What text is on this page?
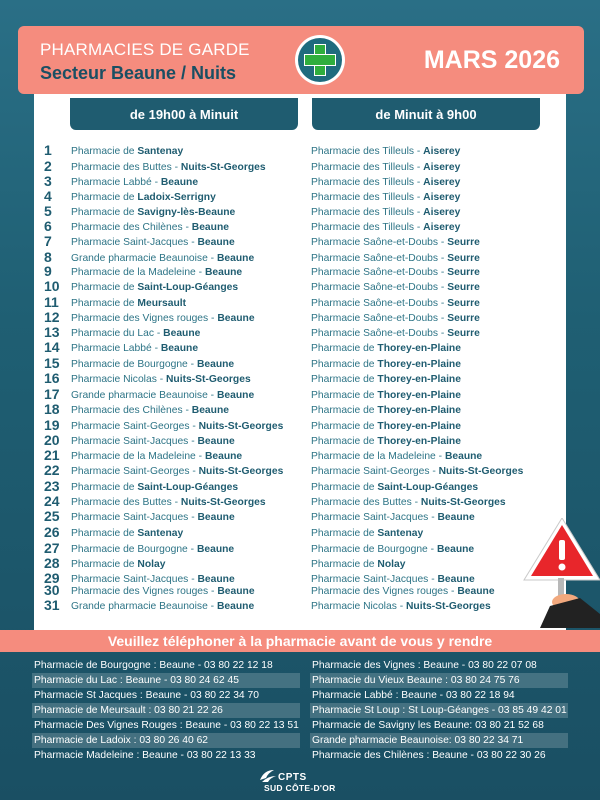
PHARMACIES DE GARDE
Secteur Beaune / Nuits	MARS 2026
de 19h00 à Minuit	de Minuit à 9h00
1	Pharmacie de Santenay	Pharmacie des Tilleuls - Aiserey
2	Pharmacie des Buttes - Nuits-St-Georges	Pharmacie des Tilleuls - Aiserey
3	Pharmacie Labbé - Beaune	Pharmacie des Tilleuls - Aiserey
4	Pharmacie de Ladoix-Serrigny	Pharmacie des Tilleuls - Aiserey
5	Pharmacie de Savigny-lès-Beaune	Pharmacie des Tilleuls - Aiserey
6	Pharmacie des Chilènes - Beaune	Pharmacie des Tilleuls - Aiserey
7	Pharmacie Saint-Jacques - Beaune	Pharmacie Saône-et-Doubs - Seurre
8	Grande pharmacie Beaunoise - Beaune	Pharmacie Saône-et-Doubs - Seurre
9	Pharmacie de la Madeleine - Beaune	Pharmacie Saône-et-Doubs - Seurre
10	Pharmacie de Saint-Loup-Géanges	Pharmacie Saône-et-Doubs - Seurre
11	Pharmacie de Meursault	Pharmacie Saône-et-Doubs - Seurre
12	Pharmacie des Vignes rouges - Beaune	Pharmacie Saône-et-Doubs - Seurre
13	Pharmacie du Lac - Beaune	Pharmacie Saône-et-Doubs - Seurre
14	Pharmacie Labbé - Beaune	Pharmacie de Thorey-en-Plaine
15	Pharmacie de Bourgogne - Beaune	Pharmacie de Thorey-en-Plaine
16	Pharmacie Nicolas - Nuits-St-Georges	Pharmacie de Thorey-en-Plaine
17	Grande pharmacie Beaunoise - Beaune	Pharmacie de Thorey-en-Plaine
18	Pharmacie des Chilènes - Beaune	Pharmacie de Thorey-en-Plaine
19	Pharmacie Saint-Georges - Nuits-St-Georges	Pharmacie de Thorey-en-Plaine
20	Pharmacie Saint-Jacques - Beaune	Pharmacie de Thorey-en-Plaine
21	Pharmacie de la Madeleine - Beaune	Pharmacie de la Madeleine - Beaune
22	Pharmacie Saint-Georges - Nuits-St-Georges	Pharmacie Saint-Georges - Nuits-St-Georges
23	Pharmacie de Saint-Loup-Géanges	Pharmacie de Saint-Loup-Géanges
24	Pharmacie des Buttes - Nuits-St-Georges	Pharmacie des Buttes - Nuits-St-Georges
25	Pharmacie Saint-Jacques - Beaune	Pharmacie Saint-Jacques - Beaune
26	Pharmacie de Santenay	Pharmacie de Santenay
27	Pharmacie de Bourgogne - Beaune	Pharmacie de Bourgogne - Beaune
28	Pharmacie de Nolay	Pharmacie de Nolay
29	Pharmacie Saint-Jacques - Beaune	Pharmacie Saint-Jacques - Beaune
30	Pharmacie des Vignes rouges - Beaune	Pharmacie des Vignes rouges - Beaune
31	Grande pharmacie Beaunoise - Beaune	Pharmacie Nicolas - Nuits-St-Georges
Veuillez téléphoner à la pharmacie avant de vous y rendre
Pharmacie de Bourgogne : Beaune - 03 80 22 12 18
Pharmacie du Lac : Beaune - 03 80 24 62 45
Pharmacie St Jacques : Beaune - 03 80 22 34 70
Pharmacie de Meursault : 03 80 21 22 26
Pharmacie Des Vignes Rouges : Beaune - 03 80 22 13 51
Pharmacie de Ladoix : 03 80 26 40 62
Pharmacie Madeleine : Beaune - 03 80 22 13 33
Pharmacie des Vignes : Beaune - 03 80 22 07 08
Pharmacie du Vieux Beaune : 03 80 24 75 76
Pharmacie Labbé : Beaune - 03 80 22 18 94
Pharmacie St Loup : St Loup-Géanges - 03 85 49 42 01
Pharmacie de Savigny les Beaune: 03 80 21 52 68
Grande pharmacie Beaunoise: 03 80 22 34 71
Pharmacie des Chilènes : Beaune - 03 80 22 30 26
CPTS
SUD CÔTE-D'OR
